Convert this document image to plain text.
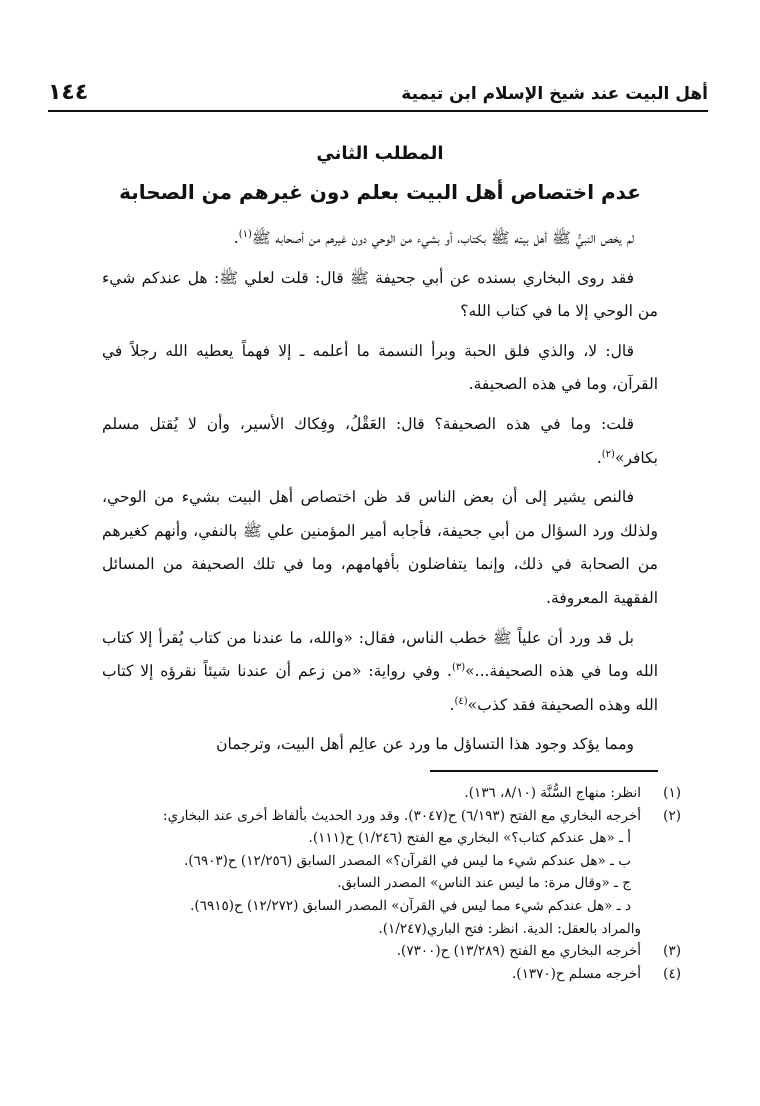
أهل البيت عند شيخ الإسلام ابن تيمية
١٤٤
المطلب الثاني
عدم اختصاص أهل البيت بعلم دون غيرهم من الصحابة

لم يخص النبيُّ ﷺ أهل بيته ﷺ بكتاب، أو بشيء من الوحي دون غيرهم من أصحابه ﷺ$^{(١)}$.

فقد روى البخاري بسنده عن أبي جحيفة ﷺ قال: قلت لعلي ﷺ: هل عندكم شيء من الوحي إلا ما في كتاب الله؟

قال: لا، والذي فلق الحبة وبرأ النسمة ما أعلمه ـ إلا فهماً يعطيه الله رجلاً في القرآن، وما في هذه الصحيفة.

قلت: وما في هذه الصحيفة؟ قال: العَقْلُ، وفِكاك الأسير، وأن لا يُقتل مسلم بكافر»$^{(٢)}$.

فالنص يشير إلى أن بعض الناس قد ظن اختصاص أهل البيت بشيء من الوحي، ولذلك ورد السؤال من أبي جحيفة، فأجابه أمير المؤمنين علي ﷺ بالنفي، وأنهم كغيرهم من الصحابة في ذلك، وإنما يتفاضلون بأفهامهم، وما في تلك الصحيفة من المسائل الفقهية المعروفة.

بل قد ورد أن علياً ﷺ خطب الناس، فقال: «والله، ما عندنا من كتاب يُقرأ إلا كتاب الله وما في هذه الصحيفة...»$^{(٣)}$. وفي رواية: «من زعم أن عندنا شيئاً نقرؤه إلا كتاب الله وهذه الصحيفة فقد كذب»$^{(٤)}$.

ومما يؤكد وجود هذا التساؤل ما ورد عن عالِم أهل البيت، وترجمان

(١)
انظر: منهاج السُّنَّة (٨/١٠، ١٣٦).
(٢)
أخرجه البخاري مع الفتح (٦/١٩٣) ح(٣٠٤٧). وقد ورد الحديث بألفاظ أخرى عند البخاري:
أ ـ «هل عندكم كتاب؟» البخاري مع الفتح (١/٢٤٦) ح(١١١).
ب ـ «هل عندكم شيء ما ليس في القرآن؟» المصدر السابق (١٢/٢٥٦) ح(٦٩٠٣).
ج ـ «وقال مرة: ما ليس عند الناس» المصدر السابق.
د ـ «هل عندكم شيء مما ليس في القرآن» المصدر السابق (١٢/٢٧٢) ح(٦٩١٥).
والمراد بالعقل: الدية. انظر: فتح الباري(١/٢٤٧).
(٣)
أخرجه البخاري مع الفتح (١٣/٢٨٩) ح(٧٣٠٠).
(٤)
أخرجه مسلم ح(١٣٧٠).
